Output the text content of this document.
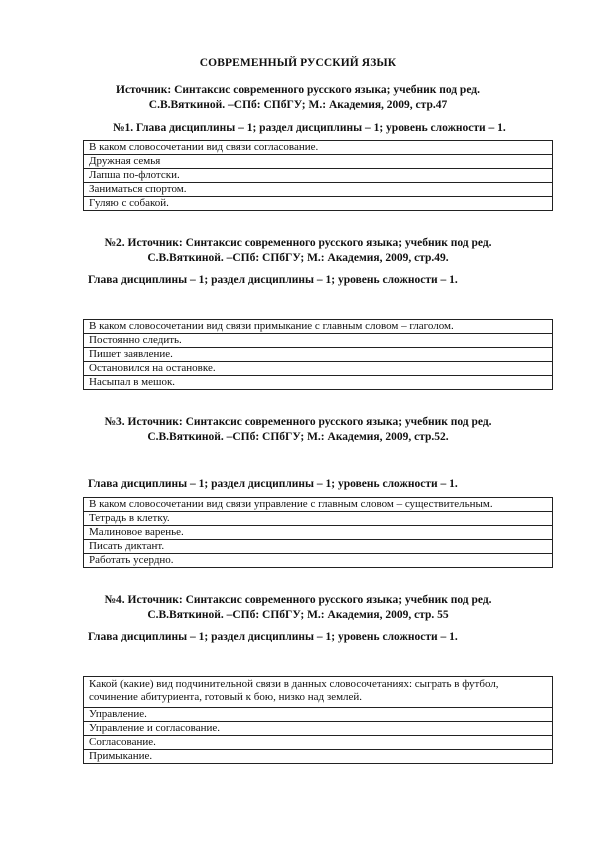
СОВРЕМЕННЫЙ РУССКИЙ ЯЗЫК
Источник: Синтаксис современного русского языка; учебник под ред.
С.В.Вяткиной. –СПб: СПбГУ; М.: Академия, 2009, стр.47
№1. Глава дисциплины – 1; раздел дисциплины – 1; уровень сложности – 1.
В каком словосочетании вид связи согласование.
Дружная семья
Лапша по-флотски.
Заниматься спортом.
Гуляю с собакой.
№2. Источник: Синтаксис современного русского языка; учебник под ред.
С.В.Вяткиной. –СПб: СПбГУ; М.: Академия, 2009, стр.49.
Глава дисциплины – 1; раздел дисциплины – 1; уровень сложности – 1.
В каком словосочетании вид связи примыкание с главным словом – глаголом.
Постоянно следить.
Пишет заявление.
Остановился на остановке.
Насыпал в мешок.
№3. Источник: Синтаксис современного русского языка; учебник под ред.
С.В.Вяткиной. –СПб: СПбГУ; М.: Академия, 2009, стр.52.
Глава дисциплины – 1; раздел дисциплины – 1; уровень сложности – 1.
В каком словосочетании вид связи управление с главным словом – существительным.
Тетрадь в клетку.
Малиновое варенье.
Писать диктант.
Работать усердно.
№4. Источник: Синтаксис современного русского языка; учебник под ред.
С.В.Вяткиной. –СПб: СПбГУ; М.: Академия, 2009, стр. 55
Глава дисциплины – 1; раздел дисциплины – 1; уровень сложности – 1.
Какой (какие) вид подчинительной связи в данных словосочетаниях: сыграть в футбол, сочинение абитуриента, готовый к бою, низко над землей.
Управление.
Управление и согласование.
Согласование.
Примыкание.
